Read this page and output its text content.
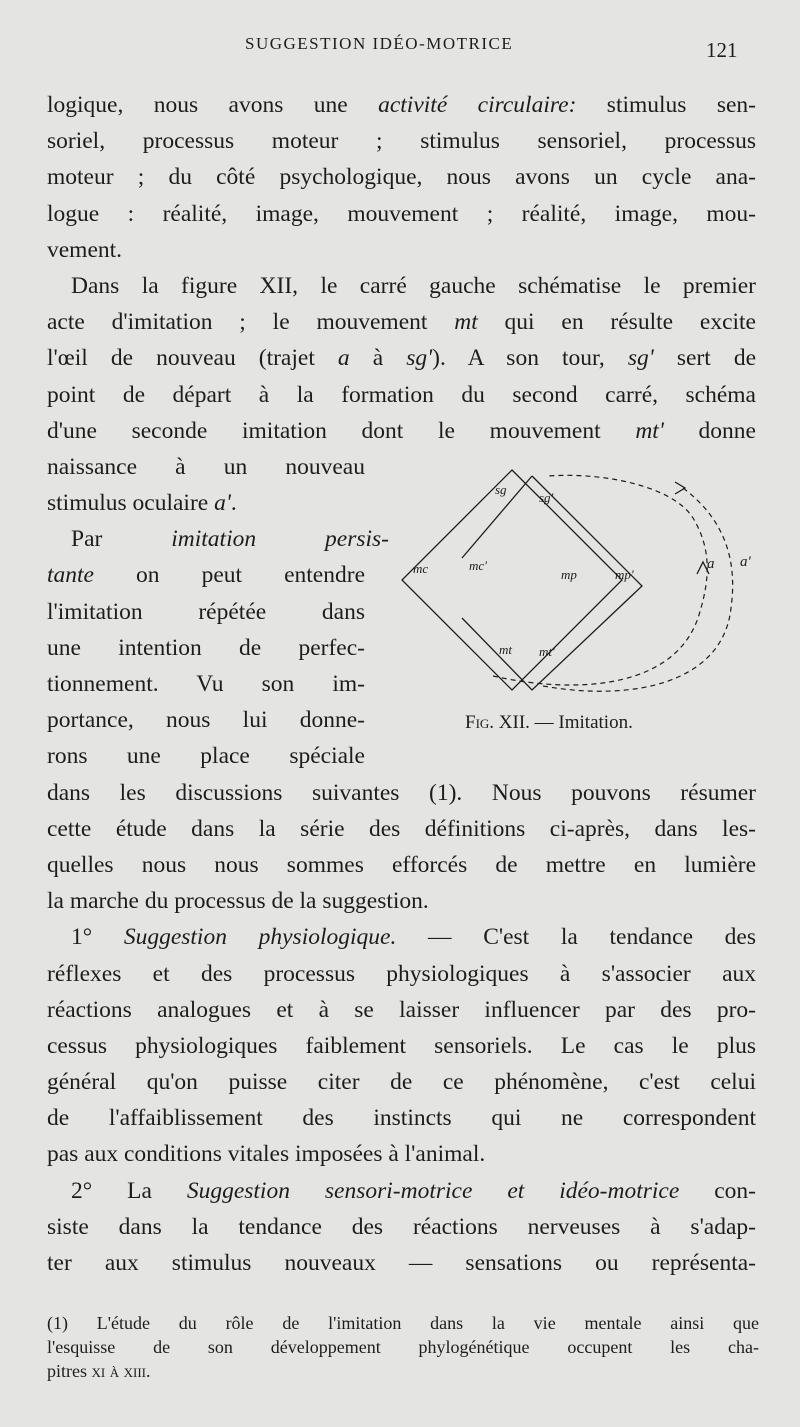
SUGGESTION IDÉO-MOTRICE	121
logique, nous avons une activité circulaire: stimulus sen-
soriel, processus moteur ; stimulus sensoriel, processus
moteur ; du côté psychologique, nous avons un cycle ana-
logue : réalité, image, mouvement ; réalité, image, mou-
vement.
Dans la figure XII, le carré gauche schématise le premier
acte d'imitation ; le mouvement mt qui en résulte excite
l'œil de nouveau (trajet a à sg'). A son tour, sg' sert de
point de départ à la formation du second carré, schéma
d'une seconde imitation dont le mouvement mt' donne
naissance à un nouveau
stimulus oculaire a'.
Par imitation persis-
tante on peut entendre
l'imitation répétée dans
une intention de perfec-
tionnement. Vu son im-
portance, nous lui donne-
rons une place spéciale
dans les discussions suivantes (1). Nous pouvons résumer
cette étude dans la série des définitions ci-après, dans les-
quelles nous nous sommes efforcés de mettre en lumière
la marche du processus de la suggestion.
1° Suggestion physiologique. — C'est la tendance des
réflexes et des processus physiologiques à s'associer aux
réactions analogues et à se laisser influencer par des pro-
cessus physiologiques faiblement sensoriels. Le cas le plus
général qu'on puisse citer de ce phénomène, c'est celui
de l'affaiblissement des instincts qui ne correspondent
pas aux conditions vitales imposées à l'animal.
2° La Suggestion sensori-motrice et idéo-motrice con-
siste dans la tendance des réactions nerveuses à s'adap-
ter aux stimulus nouveaux — sensations ou représenta-
sg
sg'
mc	mc'
mp	mp'
mt mt'
a a'
Fig. XII. — Imitation.
(1) L'étude du rôle de l'imitation dans la vie mentale ainsi que
l'esquisse de son développement phylogénétique occupent les cha-
pitres xi à xiii.
